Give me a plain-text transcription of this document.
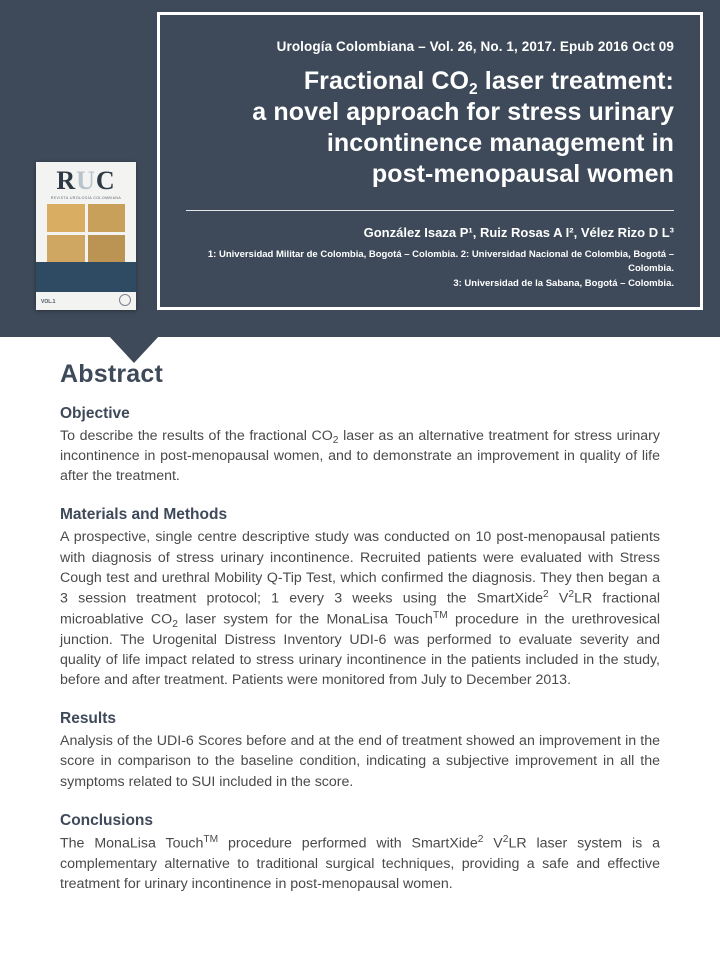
RUC
REVISTA UROLOGÍA COLOMBIANA
VOL.1
Urología Colombiana – Vol. 26, No. 1, 2017. Epub 2016 Oct 09
Fractional $CO_2$ laser treatment:
a novel approach for stress urinary
incontinence management in
post-menopausal women
González Isaza P¹, Ruiz Rosas A I², Vélez Rizo D L³
1: Universidad Militar de Colombia, Bogotá – Colombia. 2: Universidad Nacional de Colombia, Bogotá – Colombia.
3: Universidad de la Sabana, Bogotá – Colombia.
Abstract
Objective

To describe the results of the fractional $CO_2$ laser as an alternative treatment for stress urinary incontinence in post-menopausal women, and to demonstrate an improvement in quality of life after the treatment.

Materials and Methods

A prospective, single centre descriptive study was conducted on 10 post-menopausal patients with diagnosis of stress urinary incontinence. Recruited patients were evaluated with Stress Cough test and urethral Mobility Q-Tip Test, which confirmed the diagnosis. They then began a 3 session treatment protocol; 1 every 3 weeks using the SmartXide$^2$ $V^2LR$ fractional microablative $CO_2$ laser system for the MonaLisa Touch™ procedure in the urethrovesical junction. The Urogenital Distress Inventory UDI-6 was performed to evaluate severity and quality of life impact related to stress urinary incontinence in the patients included in the study, before and after treatment. Patients were monitored from July to December 2013.

Results

Analysis of the UDI-6 Scores before and at the end of treatment showed an improvement in the score in comparison to the baseline condition, indicating a subjective improvement in all the symptoms related to SUI included in the score.

Conclusions

The MonaLisa Touch™ procedure performed with SmartXide$^2$ $V^2LR$ laser system is a complementary alternative to traditional surgical techniques, providing a safe and effective treatment for urinary incontinence in post-menopausal women.
